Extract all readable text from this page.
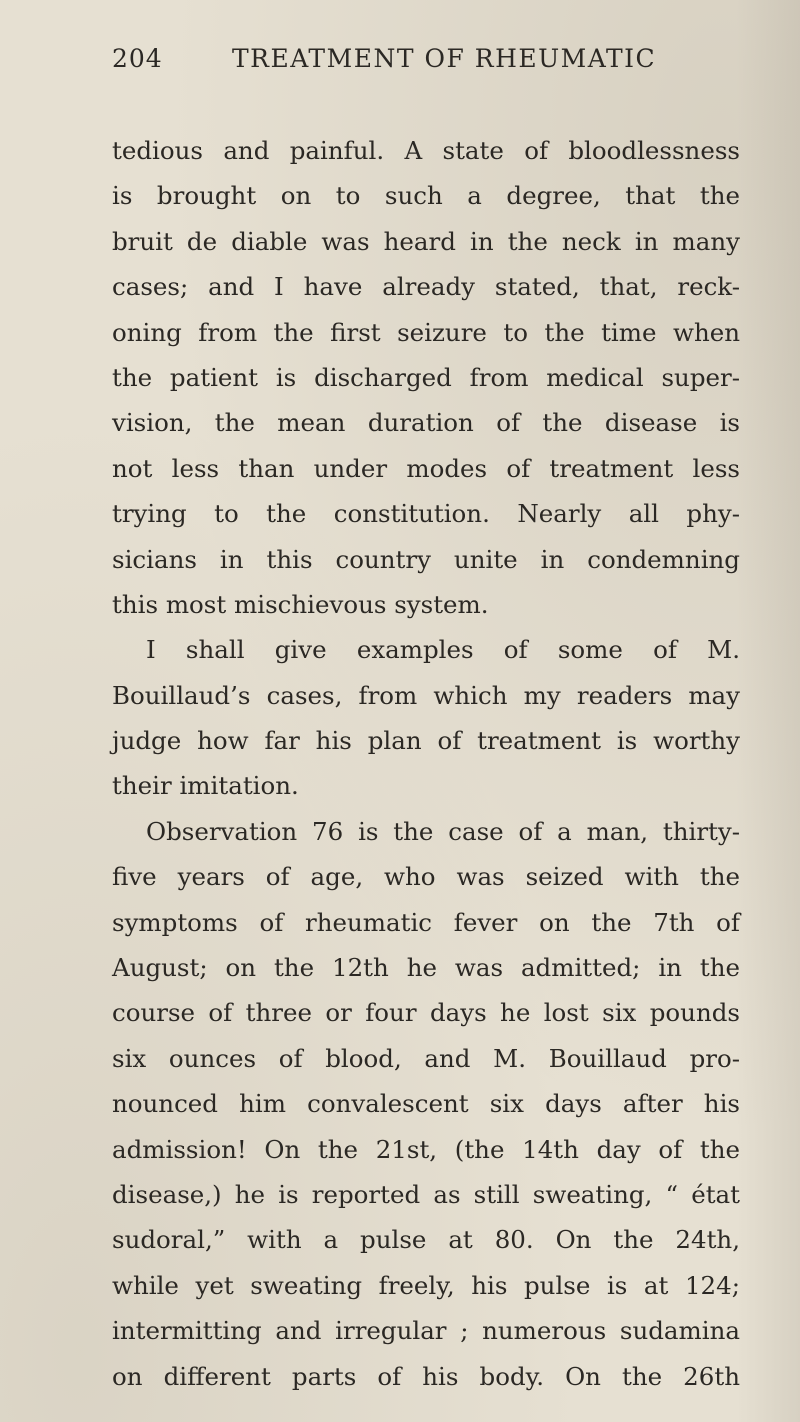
204	TREATMENT OF RHEUMATIC
tedious and painful. A state of bloodlessness
is brought on to such a degree, that the
bruit de diable was heard in the neck in many
cases; and I have already stated, that, reck-
oning from the first seizure to the time when
the patient is discharged from medical super-
vision, the mean duration of the disease is
not less than under modes of treatment less
trying to the constitution. Nearly all phy-
sicians in this country unite in condemning
this most mischievous system.
I shall give examples of some of M.
Bouillaud’s cases, from which my readers may
judge how far his plan of treatment is worthy
their imitation.
Observation 76 is the case of a man, thirty-
five years of age, who was seized with the
symptoms of rheumatic fever on the 7th of
August; on the 12th he was admitted; in the
course of three or four days he lost six pounds
six ounces of blood, and M. Bouillaud pro-
nounced him convalescent six days after his
admission! On the 21st, (the 14th day of the
disease,) he is reported as still sweating, “ état
sudoral,” with a pulse at 80. On the 24th,
while yet sweating freely, his pulse is at 124;
intermitting and irregular ; numerous sudamina
on different parts of his body. On the 26th
